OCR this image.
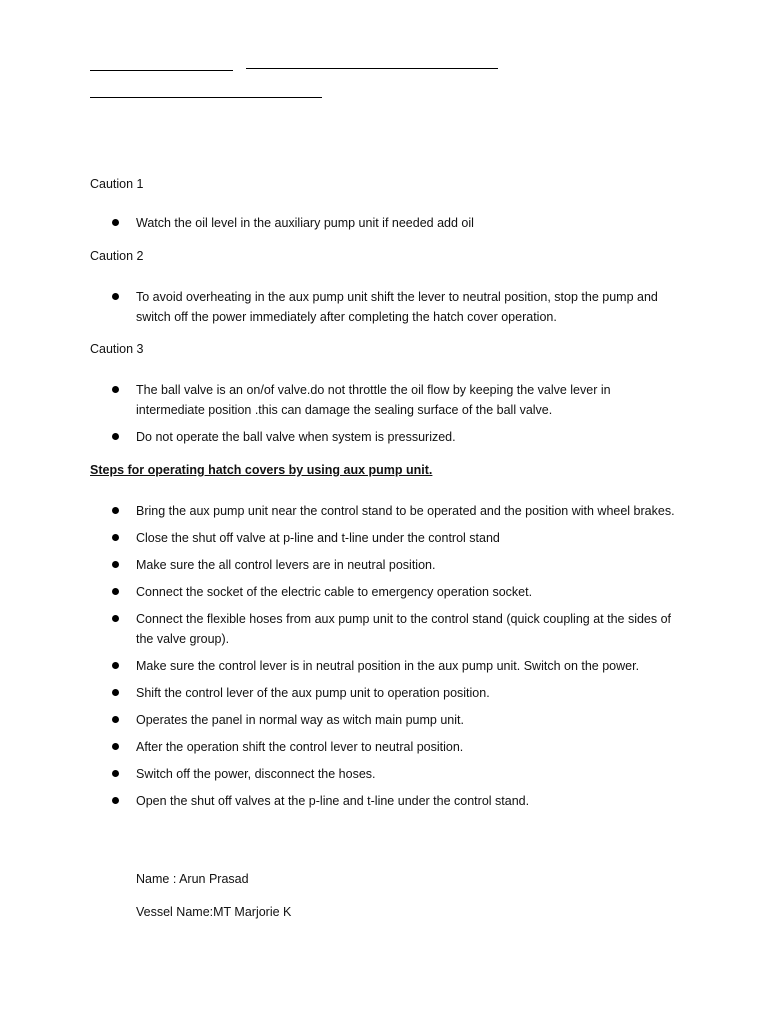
Caution 1

Watch the oil level in the auxiliary pump unit if needed add oil

Caution 2

To avoid overheating in the aux pump unit shift the lever to neutral position, stop the pump and switch off the power immediately after completing the hatch cover operation.

Caution 3

The ball valve is an on/of valve.do not throttle the oil flow by keeping the valve lever in intermediate position .this can damage the sealing surface of the ball valve.
Do not operate the ball valve when system is pressurized.

Steps for operating hatch covers by using aux pump unit.

Bring the aux pump unit near the control stand to be operated and the position with wheel brakes.
Close the shut off valve at p-line and t-line under the control stand
Make sure the all control levers are in neutral position.
Connect the socket of the electric cable to emergency operation socket.
Connect the flexible hoses from aux pump unit to the control stand (quick coupling at the sides of the valve group).
Make sure the control lever is in neutral position in the aux pump unit. Switch on the power.
Shift the control lever of the aux pump unit to operation position.
Operates the panel in normal way as witch main pump unit.
After the operation shift the control lever to neutral position.
Switch off the power, disconnect the hoses.
Open the shut off valves at the p-line and t-line under the control stand.

Name : Arun Prasad

Vessel Name:MT Marjorie K
